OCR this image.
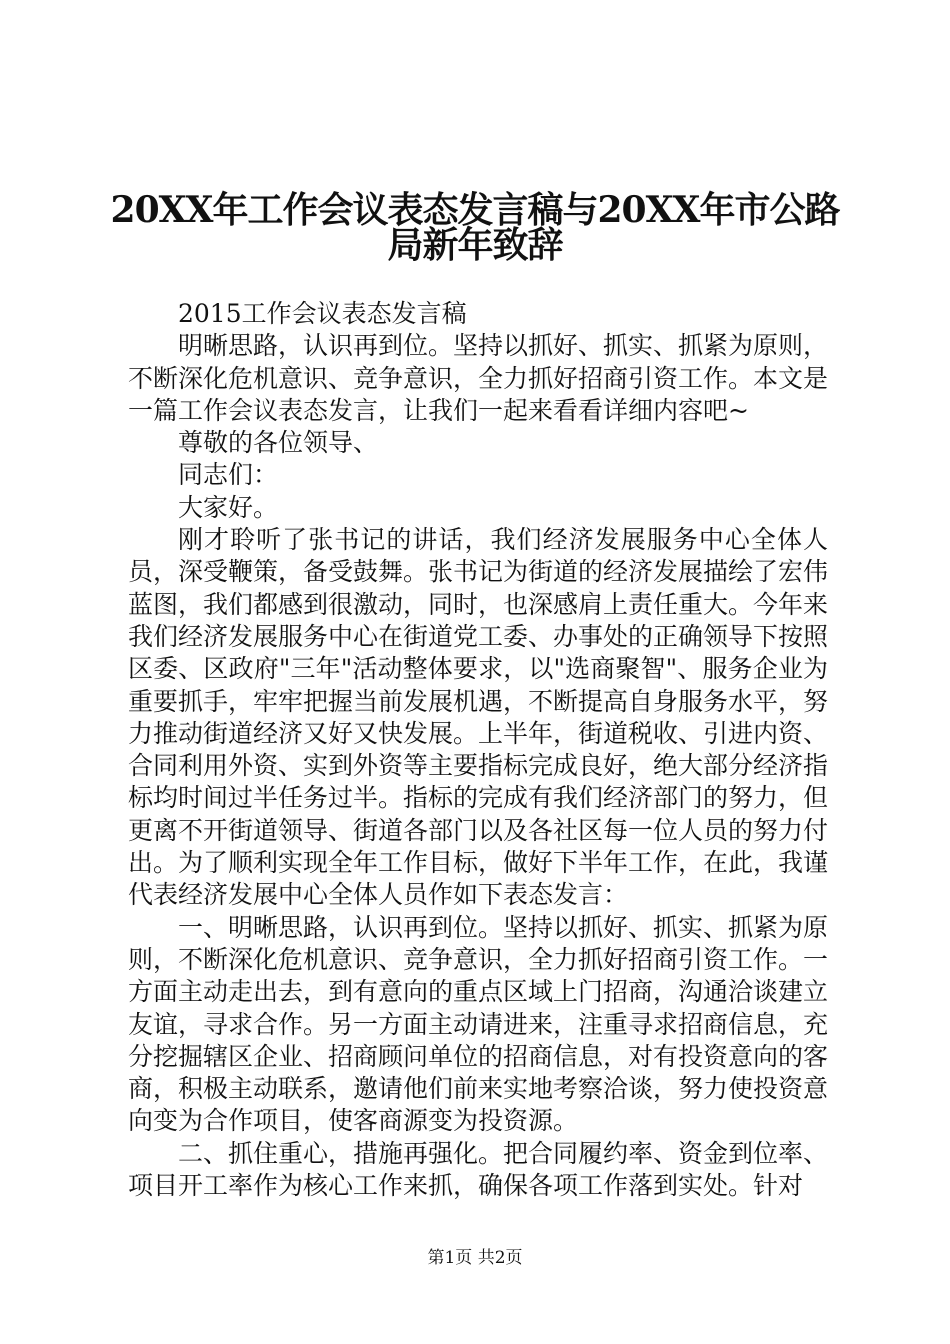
20XX年工作会议表态发言稿与20XX年市公路
局新年致辞

2015工作会议表态发言稿

明晰思路，认识再到位。坚持以抓好、抓实、抓紧为原则，不断深化危机意识、竞争意识，全力抓好招商引资工作。本文是一篇工作会议表态发言，让我们一起来看看详细内容吧~

尊敬的各位领导、

同志们：

大家好。

刚才聆听了张书记的讲话，我们经济发展服务中心全体人员，深受鞭策，备受鼓舞。张书记为街道的经济发展描绘了宏伟蓝图，我们都感到很激动，同时，也深感肩上责任重大。今年来我们经济发展服务中心在街道党工委、办事处的正确领导下按照区委、区政府"三年"活动整体要求，以"选商聚智"、服务企业为重要抓手，牢牢把握当前发展机遇，不断提高自身服务水平，努力推动街道经济又好又快发展。上半年，街道税收、引进内资、合同利用外资、实到外资等主要指标完成良好，绝大部分经济指标均时间过半任务过半。指标的完成有我们经济部门的努力，但更离不开街道领导、街道各部门以及各社区每一位人员的努力付出。为了顺利实现全年工作目标，做好下半年工作，在此，我谨代表经济发展中心全体人员作如下表态发言：

一、明晰思路，认识再到位。坚持以抓好、抓实、抓紧为原则，不断深化危机意识、竞争意识，全力抓好招商引资工作。一方面主动走出去，到有意向的重点区域上门招商，沟通洽谈建立友谊，寻求合作。另一方面主动请进来，注重寻求招商信息，充分挖掘辖区企业、招商顾问单位的招商信息，对有投资意向的客商，积极主动联系，邀请他们前来实地考察洽谈，努力使投资意向变为合作项目，使客商源变为投资源。

二、抓住重心，措施再强化。把合同履约率、资金到位率、项目开工率作为核心工作来抓，确保各项工作落到实处。针对

第1页 共2页
